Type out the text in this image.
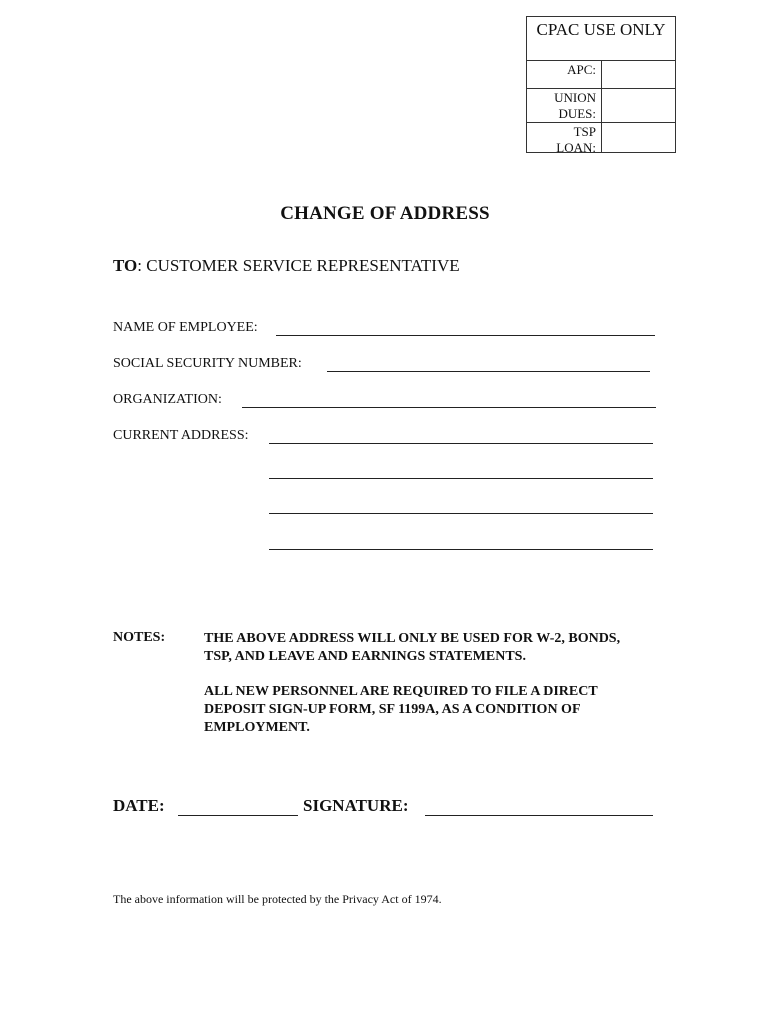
CPAC USE ONLY
APC:
UNION
DUES:
TSP
LOAN:
CHANGE OF ADDRESS
TO: CUSTOMER SERVICE REPRESENTATIVE
NAME OF EMPLOYEE:
SOCIAL SECURITY NUMBER:
ORGANIZATION:
CURRENT ADDRESS:
NOTES:	THE ABOVE ADDRESS WILL ONLY BE USED FOR W-2, BONDS, TSP, AND LEAVE AND EARNINGS STATEMENTS.
ALL NEW PERSONNEL ARE REQUIRED TO FILE A DIRECT DEPOSIT SIGN-UP FORM, SF 1199A, AS A CONDITION OF EMPLOYMENT.
DATE:	SIGNATURE:
The above information will be protected by the Privacy Act of 1974.
